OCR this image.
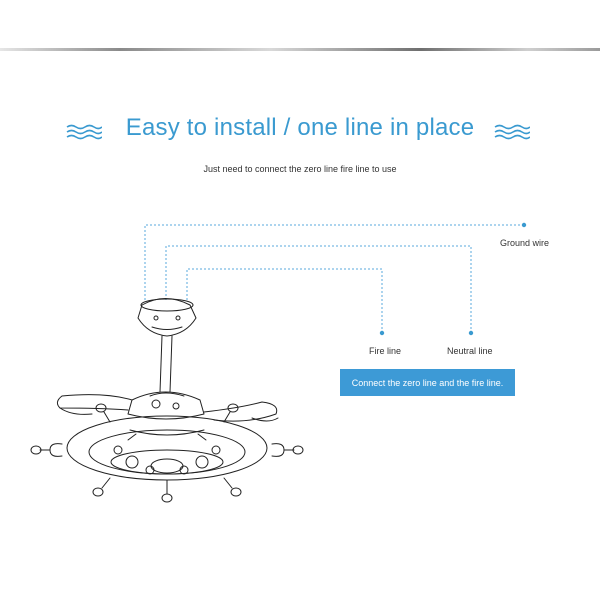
Easy to install / one line in place
Just need to connect the zero line fire line to use
Ground wire
Fire line	Neutral line
Connect the zero line and the fire line.
